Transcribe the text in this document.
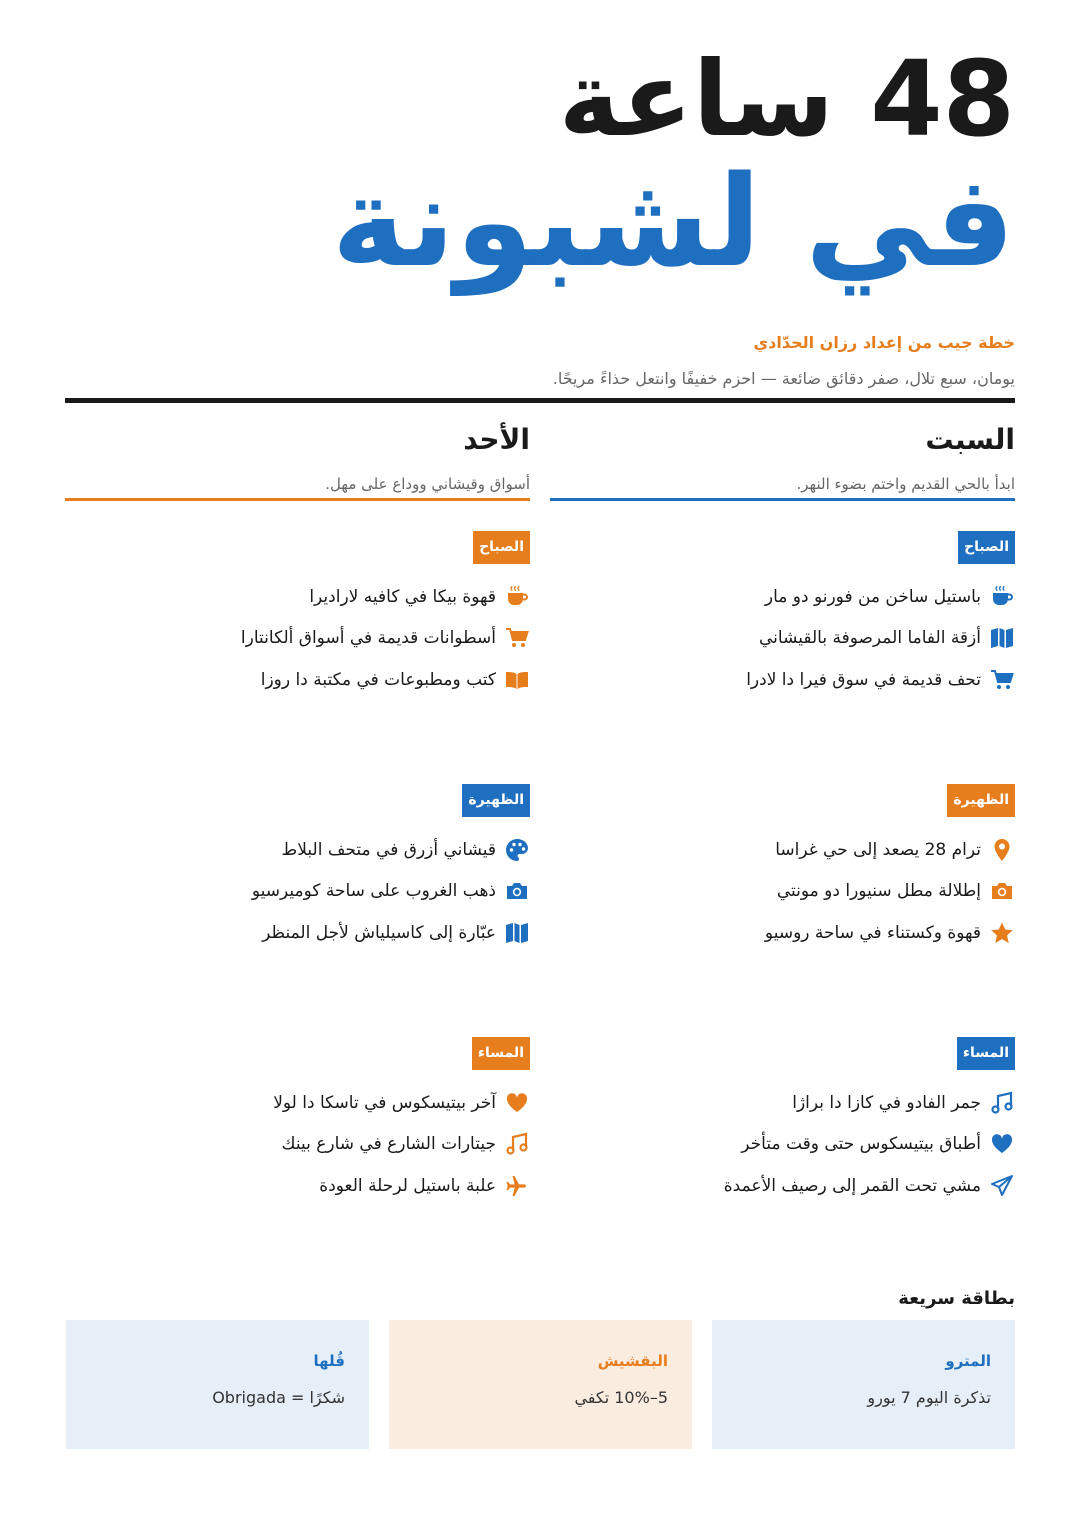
48 ساعة
في لشبونة
خطة جيب من إعداد رزان الحدّادي
يومان، سبع تلال، صفر دقائق ضائعة — احزم خفيفًا وانتعل حذاءً مريحًا.
السبت
ابدأ بالحي القديم واختم بضوء النهر.
الصباح
باستيل ساخن من فورنو دو مار
أزقة الفاما المرصوفة بالقيشاني
تحف قديمة في سوق فيرا دا لادرا
الظهيرة
ترام 28 يصعد إلى حي غراسا
إطلالة مطل سنيورا دو مونتي
قهوة وكستناء في ساحة روسيو
المساء
جمر الفادو في كازا دا براژا
أطباق بيتيسكوس حتى وقت متأخر
مشي تحت القمر إلى رصيف الأعمدة
الأحد
أسواق وقيشاني ووداع على مهل.
الصباح
قهوة بيكا في كافيه لاراديرا
أسطوانات قديمة في أسواق ألكانتارا
كتب ومطبوعات في مكتبة دا روزا
الظهيرة
قيشاني أزرق في متحف البلاط
ذهب الغروب على ساحة كوميرسيو
عبّارة إلى كاسيلياش لأجل المنظر
المساء
آخر بيتيسكوس في تاسكا دا لولا
جيتارات الشارع في شارع بينك
علبة باستيل لرحلة العودة
بطاقة سريعة
المترو
تذكرة اليوم 7 يورو
البقشيش
5–10% تكفي
قُلها
شكرًا = Obrigada
